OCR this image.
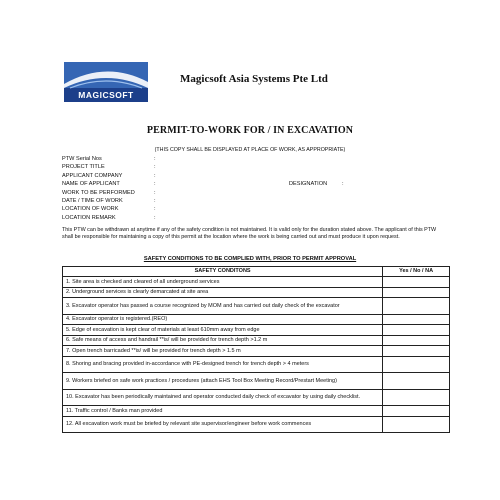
MAGICSOFT
Magicsoft Asia Systems Pte Ltd
PERMIT-TO-WORK FOR / IN EXCAVATION
(THIS COPY SHALL BE DISPLAYED AT PLACE OF WORK, AS APPROPRIATE)
PTW Serial Nos	:
PROJECT TITLE	:
APPLICANT COMPANY	:
NAME OF APPLICANT	:	DESIGNATION	:
WORK TO BE PERFORMED	:
DATE / TIME OF WORK	:
LOCATION OF WORK	:
LOCATION REMARK	:
This PTW can be withdrawn at anytime if any of the safety condition is not maintained. It is valid only for the duration stated above. The applicant of this PTW shall be responsible for maintaining a copy of this permit at the location where the work is being carried out and must produce it upon request.
SAFETY CONDITIONS TO BE COMPLIED WITH, PRIOR TO PERMIT APPROVAL
SAFETY CONDITONS	Yes / No / NA
1. Site area is checked and cleared of all underground services	
2. Underground services is clearly demarcated at site area	
3. Excavator operator has passed a course recognized by MOM and has carried out daily check of the excavator	
4. Excavator operator is registered.(REO)	
5. Edge of excavation is kept clear of materials at least 610mm away from edge	
6. Safe means of access and handrail **is/ will be provided for trench depth >1.2 m	
7. Open trench barricaded **is/ will be provided for trench depth > 1.5 m	
8. Shoring and bracing provided in-accordance with PE-designed trench for trench depth > 4 meters	
9. Workers briefed on safe work practices / procedures (attach EHS Tool Box Meeting Record/Prestart Meeting)	
10. Excavator has been periodically maintained and operator conducted daily check of excavator by using daily checklist.	
11. Traffic control / Banks man provided	
12. All excavation work must be briefed by relevant site supervisor/engineer before work commences	
